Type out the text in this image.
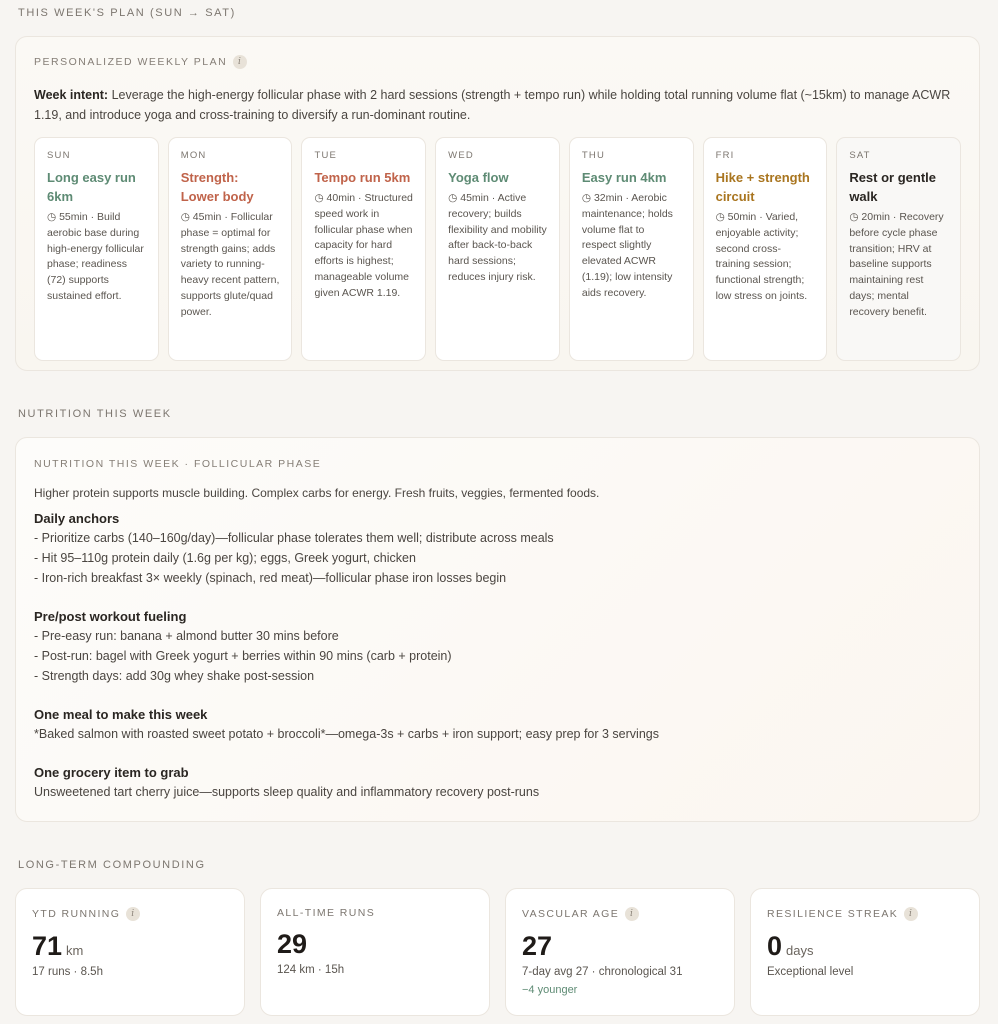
THIS WEEK'S PLAN (SUN → SAT)
PERSONALIZED WEEKLY PLAN	i
Week intent: Leverage the high-energy follicular phase with 2 hard sessions (strength + tempo run) while holding total running volume flat (~15km) to manage ACWR 1.19, and introduce yoga and cross-training to diversify a run-dominant routine.
SUN
Long easy run 6km
◷ 55min · Build aerobic base during high-energy follicular phase; readiness (72) supports sustained effort.
MON
Strength: Lower body
◷ 45min · Follicular phase = optimal for strength gains; adds variety to running-heavy recent pattern, supports glute/quad power.
TUE
Tempo run 5km
◷ 40min · Structured speed work in follicular phase when capacity for hard efforts is highest; manageable volume given ACWR 1.19.
WED
Yoga flow
◷ 45min · Active recovery; builds flexibility and mobility after back-to-back hard sessions; reduces injury risk.
THU
Easy run 4km
◷ 32min · Aerobic maintenance; holds volume flat to respect slightly elevated ACWR (1.19); low intensity aids recovery.
FRI
Hike + strength circuit
◷ 50min · Varied, enjoyable activity; second cross-training session; functional strength; low stress on joints.
SAT
Rest or gentle walk
◷ 20min · Recovery before cycle phase transition; HRV at baseline supports maintaining rest days; mental recovery benefit.
NUTRITION THIS WEEK
NUTRITION THIS WEEK · FOLLICULAR PHASE
Higher protein supports muscle building. Complex carbs for energy. Fresh fruits, veggies, fermented foods.
Daily anchors
- Prioritize carbs (140–160g/day)—follicular phase tolerates them well; distribute across meals
- Hit 95–110g protein daily (1.6g per kg); eggs, Greek yogurt, chicken
- Iron-rich breakfast 3× weekly (spinach, red meat)—follicular phase iron losses begin
Pre/post workout fueling
- Pre-easy run: banana + almond butter 30 mins before
- Post-run: bagel with Greek yogurt + berries within 90 mins (carb + protein)
- Strength days: add 30g whey shake post-session
One meal to make this week
*Baked salmon with roasted sweet potato + broccoli*—omega-3s + carbs + iron support; easy prep for 3 servings
One grocery item to grab
Unsweetened tart cherry juice—supports sleep quality and inflammatory recovery post-runs
LONG-TERM COMPOUNDING
YTD RUNNING	i
71 km
17 runs · 8.5h
ALL-TIME RUNS
29
124 km · 15h
VASCULAR AGE	i
27
7-day avg 27 · chronological 31
−4 younger
RESILIENCE STREAK	i
0 days
Exceptional level
